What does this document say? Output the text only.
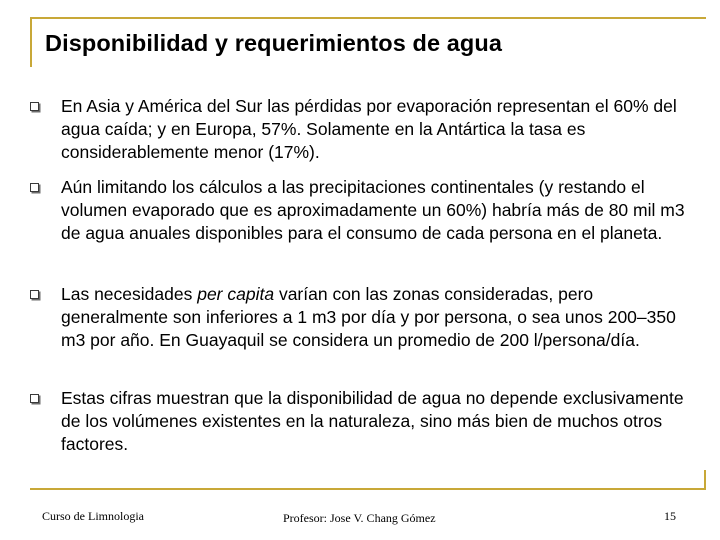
Disponibilidad y requerimientos de agua
En Asia y América del Sur las pérdidas por evaporación representan el 60% del agua caída; y en Europa, 57%. Solamente en la Antártica la tasa es considerablemente menor (17%).
Aún limitando los cálculos a las precipitaciones continentales (y restando el volumen evaporado que es aproximadamente un 60%) habría más de 80 mil m3 de agua anuales disponibles para el consumo de cada persona en el planeta.
Las necesidades per capita varían con las zonas consideradas, pero generalmente son inferiores a 1 m3 por día y por persona, o sea unos 200–350 m3 por año. En Guayaquil se considera un promedio de 200 l/persona/día.
Estas cifras muestran que la disponibilidad de agua no depende exclusivamente de los volúmenes existentes en la naturaleza, sino más bien de muchos otros factores.
Curso de Limnologia	Profesor: Jose V. Chang Gómez	15
